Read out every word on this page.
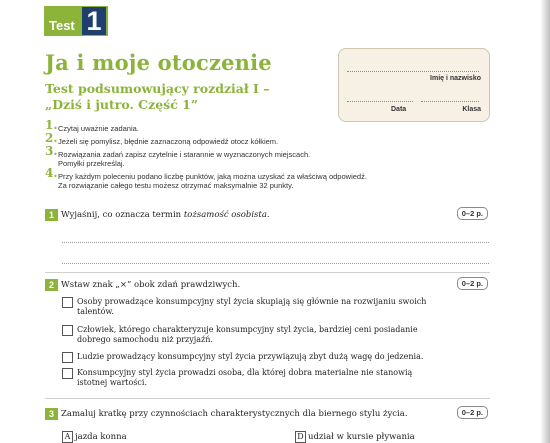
Test 1
Ja i moje otoczenie
Test podsumowujący rozdział I –
„Dziś i jutro. Część 1”
Imię i nazwisko
Data	Klasa
1. Czytaj uważnie zadania.
2. Jeżeli się pomylisz, błędnie zaznaczoną odpowiedź otocz kółkiem.
3. Rozwiązania zadań zapisz czytelnie i starannie w wyznaczonych miejscach.
Pomyłki przekreślaj.
4. Przy każdym poleceniu podano liczbę punktów, jaką można uzyskać za właściwą odpowiedź.
Za rozwiązanie całego testu możesz otrzymać maksymalnie 32 punkty.
1 Wyjaśnij, co oznacza termin tożsamość osobista.	0–2 p.
2 Wstaw znak „×” obok zdań prawdziwych.	0–2 p.
Osoby prowadzące konsumpcyjny styl życia skupiają się głównie na rozwijaniu swoich
talentów.
Człowiek, którego charakteryzuje konsumpcyjny styl życia, bardziej ceni posiadanie
dobrego samochodu niż przyjaźń.
Ludzie prowadzący konsumpcyjny styl życia przywiązują zbyt dużą wagę do jedzenia.
Konsumpcyjny styl życia prowadzi osoba, dla której dobra materialne nie stanowią
istotnej wartości.
3 Zamaluj kratkę przy czynnościach charakterystycznych dla biernego stylu życia.	0–2 p.
A jazda konna	D udział w kursie pływania
